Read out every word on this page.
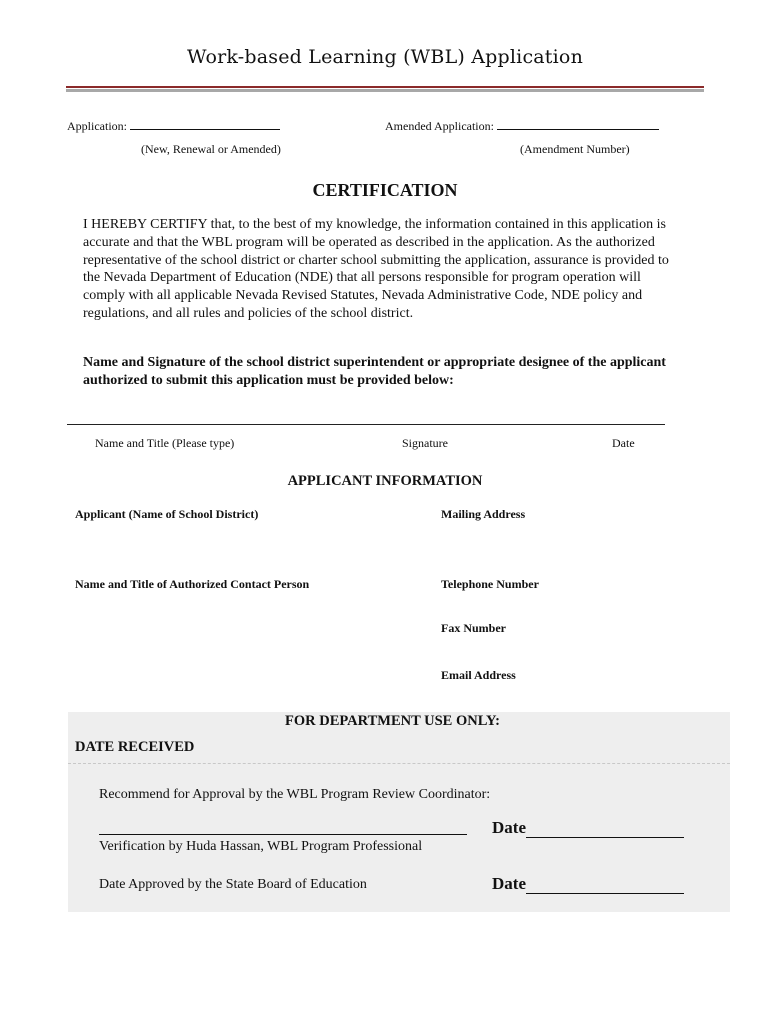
Work-based Learning (WBL) Application
Application:
(New, Renewal or Amended)
Amended Application:
(Amendment Number)
CERTIFICATION

I HEREBY CERTIFY that, to the best of my knowledge, the information contained in this application is accurate and that the WBL program will be operated as described in the application. As the authorized representative of the school district or charter school submitting the application, assurance is provided to the Nevada Department of Education (NDE) that all persons responsible for program operation will comply with all applicable Nevada Revised Statutes, Nevada Administrative Code, NDE policy and regulations, and all rules and policies of the school district.

Name and Signature of the school district superintendent or appropriate designee of the applicant authorized to submit this application must be provided below:

Name and Title (Please type)	Signature	Date
APPLICANT INFORMATION
Applicant (Name of School District)	Mailing Address
Name and Title of Authorized Contact Person	Telephone Number
Fax Number
Email Address
FOR DEPARTMENT USE ONLY:
DATE RECEIVED
Recommend for Approval by the WBL Program Review Coordinator:
Date
Verification by Huda Hassan, WBL Program Professional
Date Approved by the State Board of Education	Date
